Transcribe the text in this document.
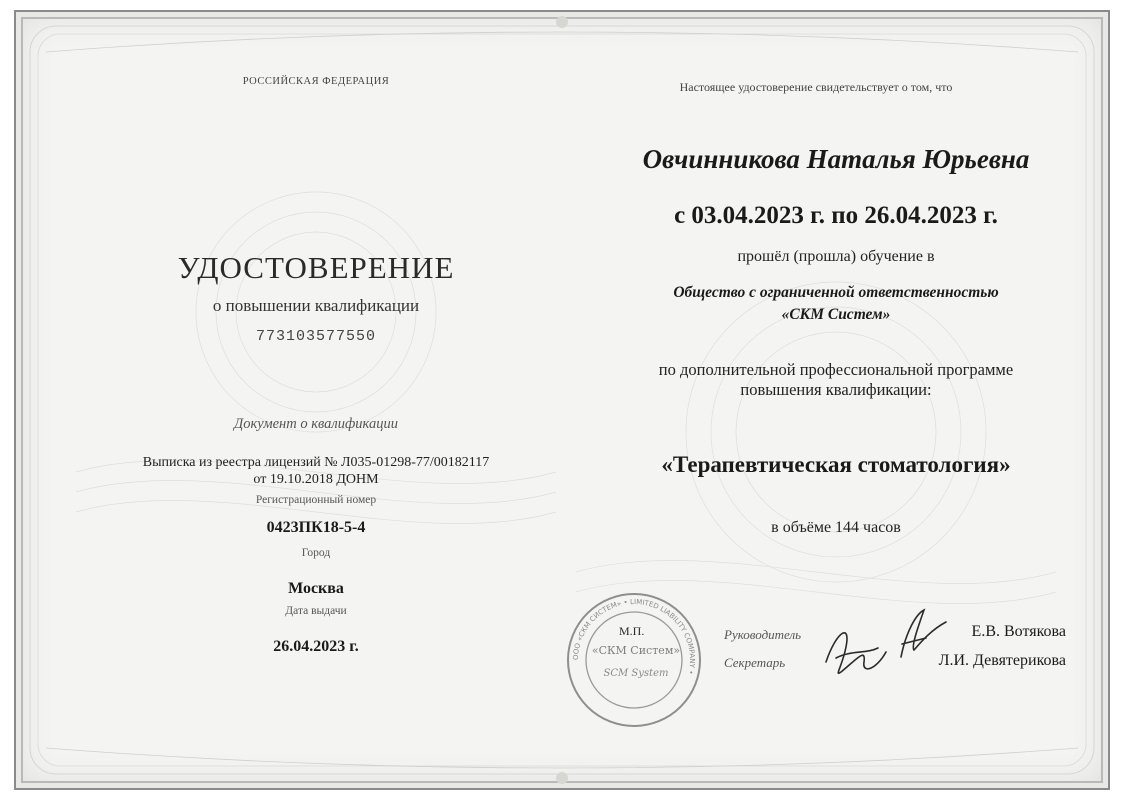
РОССИЙСКАЯ ФЕДЕРАЦИЯ
УДОСТОВЕРЕНИЕ
о повышении квалификации
773103577550
Документ о квалификации
Выписка из реестра лицензий № Л035-01298-77/00182117
от 19.10.2018 ДОНМ
Регистрационный номер
0423ПК18-5-4
Город
Москва
Дата выдачи
26.04.2023 г.
Настоящее удостоверение свидетельствует о том, что
Овчинникова Наталья Юрьевна
с 03.04.2023 г. по 26.04.2023 г.
прошёл (прошла) обучение в
Общество с ограниченной ответственностью
«СКМ Систем»
по дополнительной профессиональной программе
повышения квалификации:
«Терапевтическая стоматология»
в объёме 144 часов
ООО «СКМ СИСТЕМ» • LIMITED LIABILITY COMPANY •
«СКМ Систем»
SCM System
М.П.	Руководитель
Секретарь
Е.В. Вотякова
Л.И. Девятерикова
